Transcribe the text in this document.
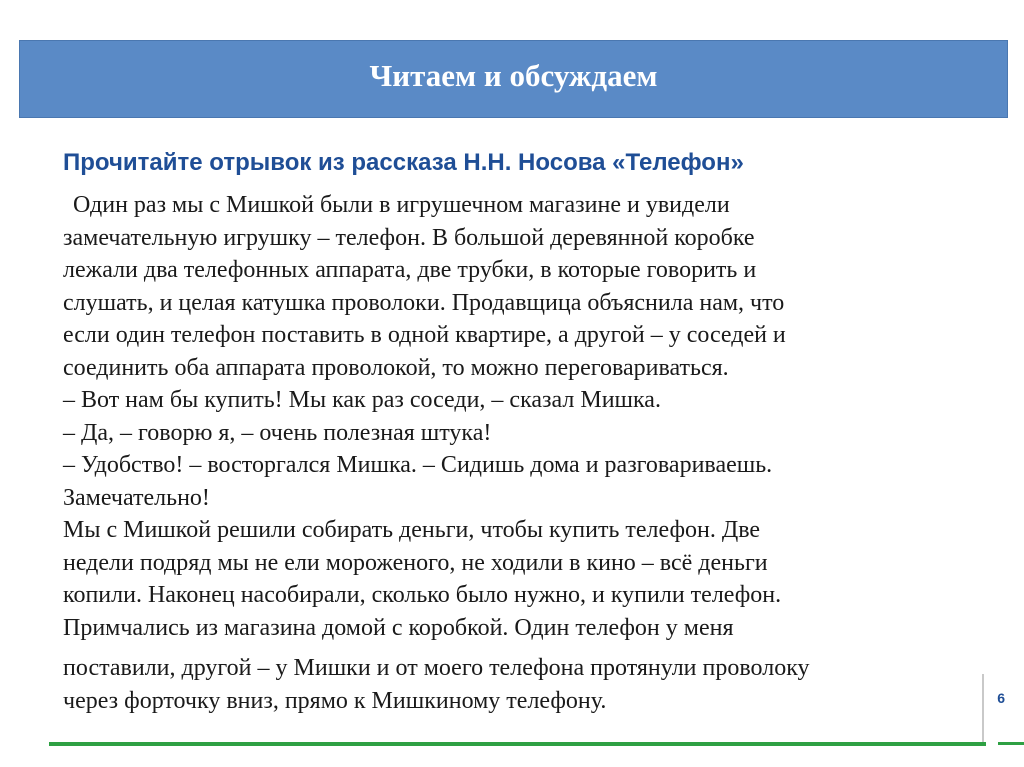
Читаем и обсуждаем
Прочитайте отрывок из рассказа Н.Н. Носова «Телефон»
Один раз мы с Мишкой были в игрушечном магазине и увидели
замечательную игрушку – телефон. В большой деревянной коробке
лежали два телефонных аппарата, две трубки, в которые говорить и
слушать, и целая катушка проволоки. Продавщица объяснила нам, что
если один телефон поставить в одной квартире, а другой – у соседей и
соединить оба аппарата проволокой, то можно переговариваться.
– Вот нам бы купить! Мы как раз соседи, – сказал Мишка.
– Да, – говорю я, – очень полезная штука!
– Удобство! – восторгался Мишка. – Сидишь дома и разговариваешь.
Замечательно!
Мы с Мишкой решили собирать деньги, чтобы купить телефон. Две
недели подряд мы не ели мороженого, не ходили в кино – всё деньги
копили. Наконец насобирали, сколько было нужно, и купили телефон.
Примчались из магазина домой с коробкой. Один телефон у меня
поставили, другой – у Мишки и от моего телефона протянули проволоку
через форточку вниз, прямо к Мишкиному телефону.	6
